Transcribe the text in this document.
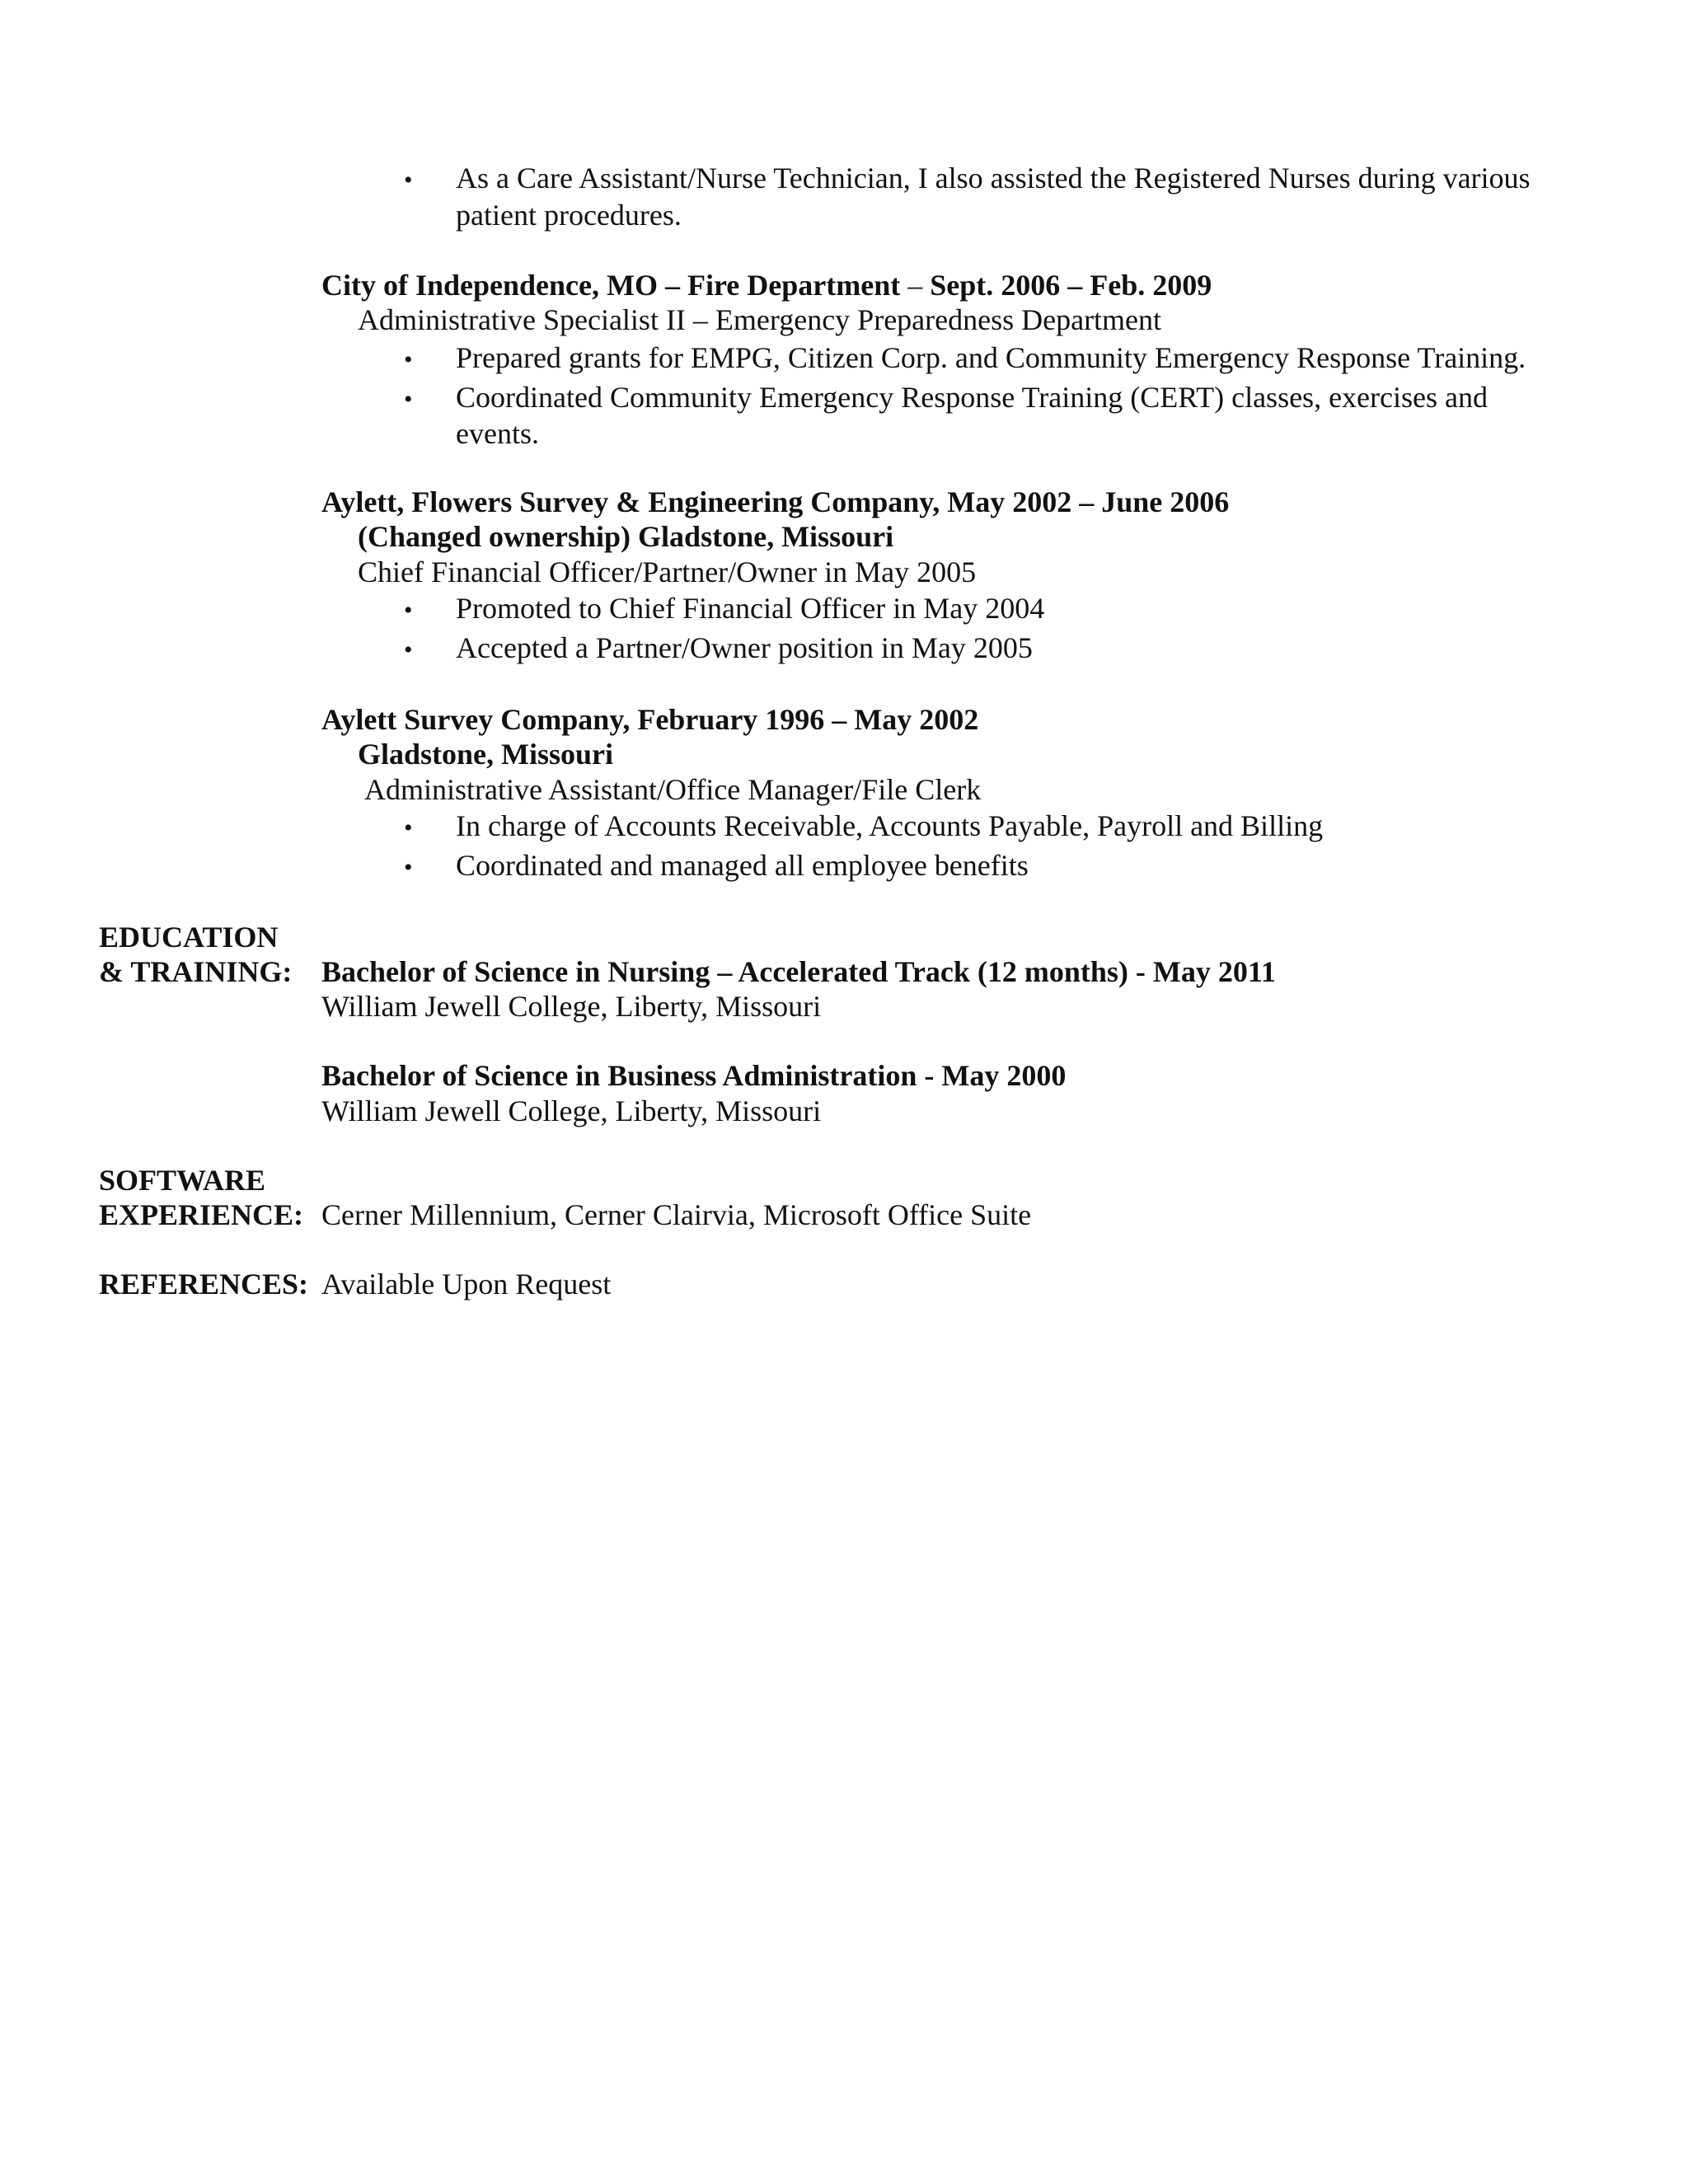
• As a Care Assistant/Nurse Technician, I also assisted the Registered Nurses during various
patient procedures.
City of Independence, MO – Fire Department – Sept. 2006 – Feb. 2009
Administrative Specialist II – Emergency Preparedness Department
• Prepared grants for EMPG, Citizen Corp. and Community Emergency Response Training.
• Coordinated Community Emergency Response Training (CERT) classes, exercises and
events.
Aylett, Flowers Survey & Engineering Company, May 2002 – June 2006
(Changed ownership) Gladstone, Missouri
Chief Financial Officer/Partner/Owner in May 2005
• Promoted to Chief Financial Officer in May 2004
• Accepted a Partner/Owner position in May 2005
Aylett Survey Company, February 1996 – May 2002
Gladstone, Missouri
Administrative Assistant/Office Manager/File Clerk
• In charge of Accounts Receivable, Accounts Payable, Payroll and Billing
• Coordinated and managed all employee benefits
EDUCATION
& TRAINING: Bachelor of Science in Nursing – Accelerated Track (12 months) - May 2011
William Jewell College, Liberty, Missouri
Bachelor of Science in Business Administration - May 2000
William Jewell College, Liberty, Missouri
SOFTWARE
EXPERIENCE: Cerner Millennium, Cerner Clairvia, Microsoft Office Suite
REFERENCES: Available Upon Request
